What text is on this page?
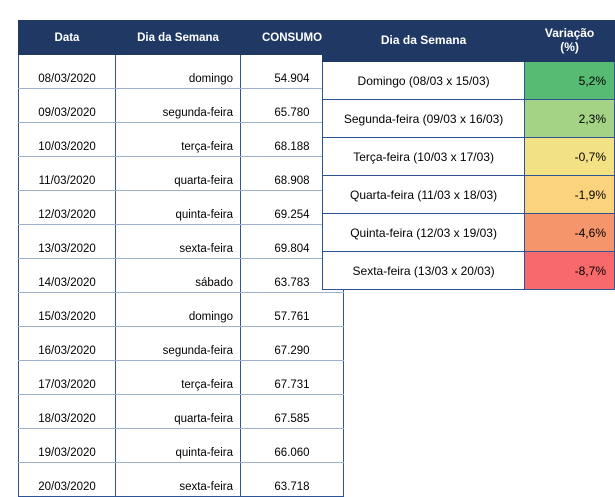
Data	Dia da Semana	CONSUMO
08/03/2020	domingo	54.904
09/03/2020	segunda-feira	65.780
10/03/2020	terça-feira	68.188
11/03/2020	quarta-feira	68.908
12/03/2020	quinta-feira	69.254
13/03/2020	sexta-feira	69.804
14/03/2020	sábado	63.783
15/03/2020	domingo	57.761
16/03/2020	segunda-feira	67.290
17/03/2020	terça-feira	67.731
18/03/2020	quarta-feira	67.585
19/03/2020	quinta-feira	66.060
20/03/2020	sexta-feira	63.718
Dia da Semana	Variação
(%)
Domingo (08/03 x 15/03)	5,2%
Segunda-feira (09/03 x 16/03)	2,3%
Terça-feira (10/03 x 17/03)	-0,7%
Quarta-feira (11/03 x 18/03)	-1,9%
Quinta-feira (12/03 x 19/03)	-4,6%
Sexta-feira (13/03 x 20/03)	-8,7%
